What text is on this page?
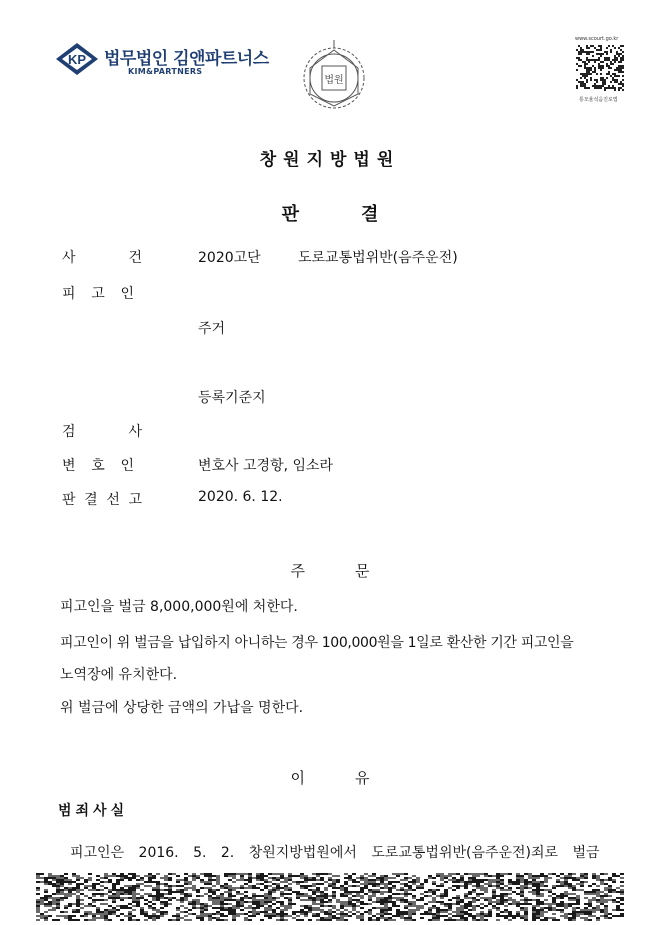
KP 법무법인 김앤파트너스
KIM&PARTNERS
법원
www.scourt.go.kr
통모율석음진로법
창원지방법원
판결
사	건	2020고단	도로교통법위반(음주운전)
피 고 인
주거
등록기준지
검	사
변 호 인	변호사 고경항, 임소라
판 결 선 고	2020. 6. 12.
주문
피고인을 벌금 8,000,000원에 처한다.
피고인이 위 벌금을 납입하지 아니하는 경우 100,000원을 1일로 환산한 기간 피고인을
노역장에 유치한다.
위 벌금에 상당한 금액의 가납을 명한다.
이유
범죄사실
피고인은 2016. 5. 2. 창원지방법원에서 도로교통법위반(음주운전)죄로 벌금
